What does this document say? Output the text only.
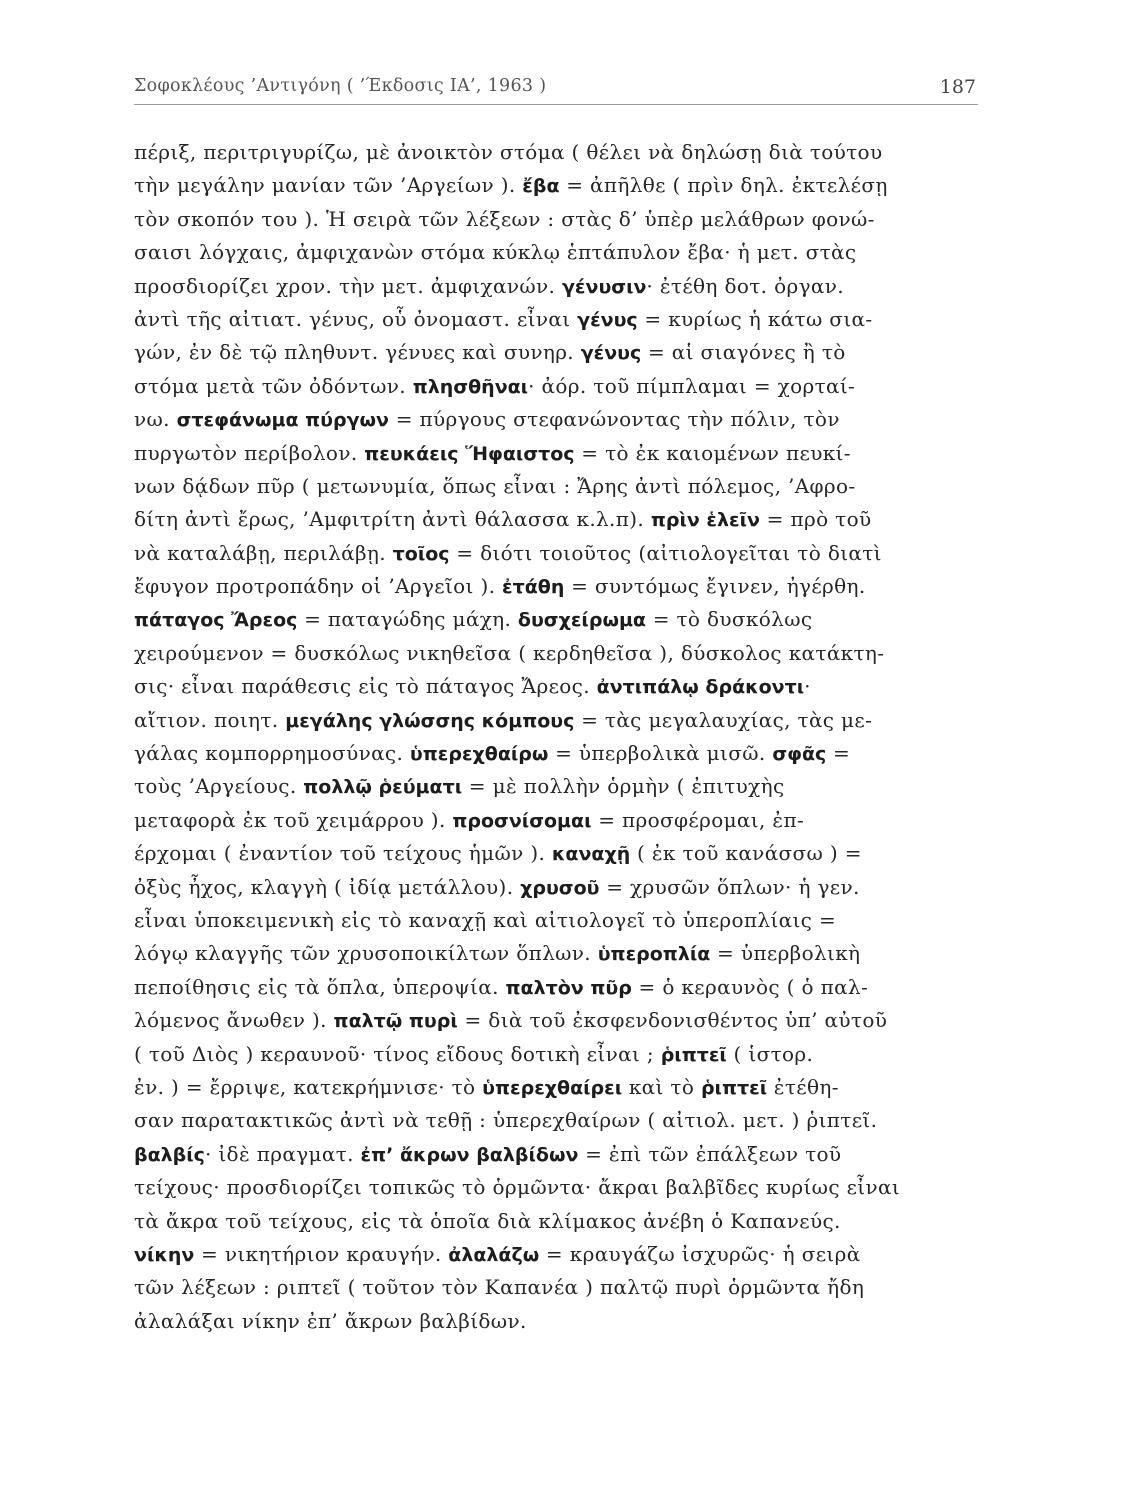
Σοφοκλέους ’Αντιγόνη ( ’Έκδοσις ΙΑ’, 1963 )	187
πέριξ, περιτριγυρίζω, μὲ ἀνοικτὸν στόμα ( θέλει νὰ δηλώσῃ διὰ τούτου
τὴν μεγάλην μανίαν τῶν ’Αργείων ). ἔβα = ἀπῆλθε ( πρὶν δηλ. ἐκτελέσῃ
τὸν σκοπόν του ). Ἡ σειρὰ τῶν λέξεων : στὰς δ’ ὑπὲρ μελάθρων φονώ-
σαισι λόγχαις, ἀμφιχανὼν στόμα κύκλῳ ἑπτάπυλον ἔβα· ἡ μετ. στὰς
προσδιορίζει χρον. τὴν μετ. ἀμφιχανών. γένυσιν· ἐτέθη δοτ. ὀργαν.
ἀντὶ τῆς αἰτιατ. γένυς, οὗ ὀνομαστ. εἶναι γένυς = κυρίως ἡ κάτω σια-
γών, ἐν δὲ τῷ πληθυντ. γένυες καὶ συνηρ. γένυς = αἱ σιαγόνες ἢ τὸ
στόμα μετὰ τῶν ὀδόντων. πλησθῆναι· ἀόρ. τοῦ πίμπλαμαι = χορταί-
νω. στεφάνωμα πύργων = πύργους στεφανώνοντας τὴν πόλιν, τὸν
πυργωτὸν περίβολον. πευκάεις Ἥφαιστος = τὸ ἐκ καιομένων πευκί-
νων δᾴδων πῦρ ( μετωνυμία, ὅπως εἶναι : Ἄρης ἀντὶ πόλεμος, ’Αφρο-
δίτη ἀντὶ ἔρως, ’Αμφιτρίτη ἀντὶ θάλασσα κ.λ.π). πρὶν ἑλεῖν = πρὸ τοῦ
νὰ καταλάβῃ, περιλάβῃ. τοῖος = διότι τοιοῦτος (αἰτιολογεῖται τὸ διατὶ
ἔφυγον προτροπάδην οἱ ’Αργεῖοι ). ἐτάθη = συντόμως ἔγινεν, ἠγέρθη.
πάταγος Ἄρεος = παταγώδης μάχη. δυσχείρωμα = τὸ δυσκόλως
χειρούμενον = δυσκόλως νικηθεῖσα ( κερδηθεῖσα ), δύσκολος κατάκτη-
σις· εἶναι παράθεσις εἰς τὸ πάταγος Ἄρεος. ἀντιπάλῳ δράκοντι·
αἴτιον. ποιητ. μεγάλης γλώσσης κόμπους = τὰς μεγαλαυχίας, τὰς με-
γάλας κομπορρημοσύνας. ὑπερεχθαίρω = ὑπερβολικὰ μισῶ. σφᾶς =
τοὺς ’Αργείους. πολλῷ ῥεύματι = μὲ πολλὴν ὁρμὴν ( ἐπιτυχὴς
μεταφορὰ ἐκ τοῦ χειμάρρου ). προσνίσομαι = προσφέρομαι, ἐπ-
έρχομαι ( ἐναντίον τοῦ τείχους ἡμῶν ). καναχῇ ( ἐκ τοῦ κανάσσω ) =
ὀξὺς ἦχος, κλαγγὴ ( ἰδίᾳ μετάλλου). χρυσοῦ = χρυσῶν ὅπλων· ἡ γεν.
εἶναι ὑποκειμενικὴ εἰς τὸ καναχῇ καὶ αἰτιολογεῖ τὸ ὑπεροπλίαις =
λόγῳ κλαγγῆς τῶν χρυσοποικίλτων ὅπλων. ὑπεροπλία = ὑπερβολικὴ
πεποίθησις εἰς τὰ ὅπλα, ὑπεροψία. παλτὸν πῦρ = ὁ κεραυνὸς ( ὁ παλ-
λόμενος ἄνωθεν ). παλτῷ πυρὶ = διὰ τοῦ ἐκσφενδονισθέντος ὑπ’ αὐτοῦ
( τοῦ Διὸς ) κεραυνοῦ· τίνος εἴδους δοτικὴ εἶναι ; ῥιπτεῖ ( ἱστορ.
ἐν. ) = ἔρριψε, κατεκρήμνισε· τὸ ὑπερεχθαίρει καὶ τὸ ῥιπτεῖ ἐτέθη-
σαν παρατακτικῶς ἀντὶ νὰ τεθῇ : ὑπερεχθαίρων ( αἰτιολ. μετ. ) ῥιπτεῖ.
βαλβίς· ἰδὲ πραγματ. ἐπ’ ἄκρων βαλβίδων = ἐπὶ τῶν ἐπάλξεων τοῦ
τείχους· προσδιορίζει τοπικῶς τὸ ὁρμῶντα· ἄκραι βαλβῖδες κυρίως εἶναι
τὰ ἄκρα τοῦ τείχους, εἰς τὰ ὁποῖα διὰ κλίμακος ἀνέβη ὁ Καπανεύς.
νίκην = νικητήριον κραυγήν. ἀλαλάζω = κραυγάζω ἰσχυρῶς· ἡ σειρὰ
τῶν λέξεων : ριπτεῖ ( τοῦτον τὸν Καπανέα ) παλτῷ πυρὶ ὁρμῶντα ἤδη
ἀλαλάξαι νίκην ἐπ’ ἄκρων βαλβίδων.
